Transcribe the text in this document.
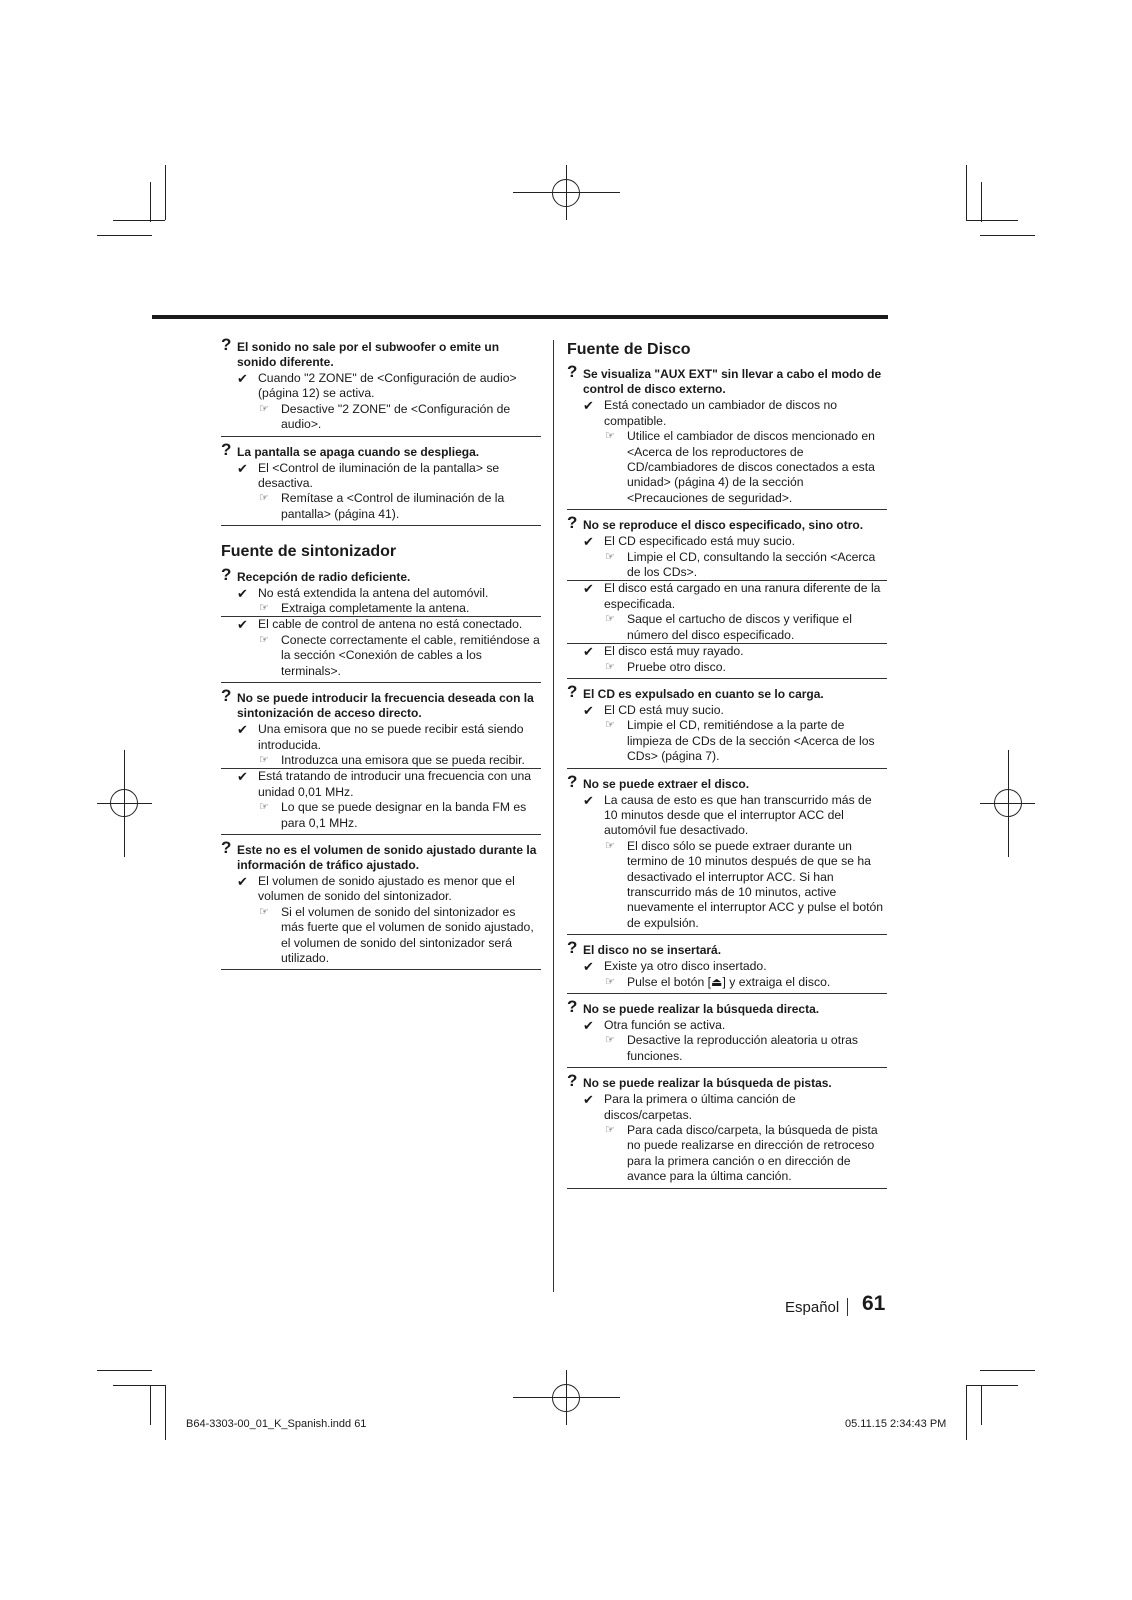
? El sonido no sale por el subwoofer o emite un sonido diferente.
✔ Cuando "2 ZONE" de <Configuración de audio> (página 12) se activa.
☞ Desactive "2 ZONE" de <Configuración de audio>.
? La pantalla se apaga cuando se despliega.
✔ El <Control de iluminación de la pantalla> se desactiva.
☞ Remítase a <Control de iluminación de la pantalla> (página 41).
Fuente de sintonizador
? Recepción de radio deficiente.
✔ No está extendida la antena del automóvil.
☞ Extraiga completamente la antena.
✔ El cable de control de antena no está conectado.
☞ Conecte correctamente el cable, remitiéndose a la sección <Conexión de cables a los terminals>.
? No se puede introducir la frecuencia deseada con la sintonización de acceso directo.
✔ Una emisora que no se puede recibir está siendo introducida.
☞ Introduzca una emisora que se pueda recibir.
✔ Está tratando de introducir una frecuencia con una unidad 0,01 MHz.
☞ Lo que se puede designar en la banda FM es para 0,1 MHz.
? Este no es el volumen de sonido ajustado durante la información de tráfico ajustado.
✔ El volumen de sonido ajustado es menor que el volumen de sonido del sintonizador.
☞ Si el volumen de sonido del sintonizador es más fuerte que el volumen de sonido ajustado, el volumen de sonido del sintonizador será utilizado.
Fuente de Disco
? Se visualiza "AUX EXT" sin llevar a cabo el modo de control de disco externo.
✔ Está conectado un cambiador de discos no compatible.
☞ Utilice el cambiador de discos mencionado en <Acerca de los reproductores de CD/cambiadores de discos conectados a esta unidad> (página 4) de la sección <Precauciones de seguridad>.
? No se reproduce el disco especificado, sino otro.
✔ El CD especificado está muy sucio.
☞ Limpie el CD, consultando la sección <Acerca de los CDs>.
✔ El disco está cargado en una ranura diferente de la especificada.
☞ Saque el cartucho de discos y verifique el número del disco especificado.
✔ El disco está muy rayado.
☞ Pruebe otro disco.
? El CD es expulsado en cuanto se lo carga.
✔ El CD está muy sucio.
☞ Limpie el CD, remitiéndose a la parte de limpieza de CDs de la sección <Acerca de los CDs> (página 7).
? No se puede extraer el disco.
✔ La causa de esto es que han transcurrido más de 10 minutos desde que el interruptor ACC del automóvil fue desactivado.
☞ El disco sólo se puede extraer durante un termino de 10 minutos después de que se ha desactivado el interruptor ACC. Si han transcurrido más de 10 minutos, active nuevamente el interruptor ACC y pulse el botón de expulsión.
? El disco no se insertará.
✔ Existe ya otro disco insertado.
☞ Pulse el botón [⏏] y extraiga el disco.
? No se puede realizar la búsqueda directa.
✔ Otra función se activa.
☞ Desactive la reproducción aleatoria u otras funciones.
? No se puede realizar la búsqueda de pistas.
✔ Para la primera o última canción de discos/carpetas.
☞ Para cada disco/carpeta, la búsqueda de pista no puede realizarse en dirección de retroceso para la primera canción o en dirección de avance para la última canción.
Español 61
B64-3303-00_01_K_Spanish.indd 61	05.11.15 2:34:43 PM
